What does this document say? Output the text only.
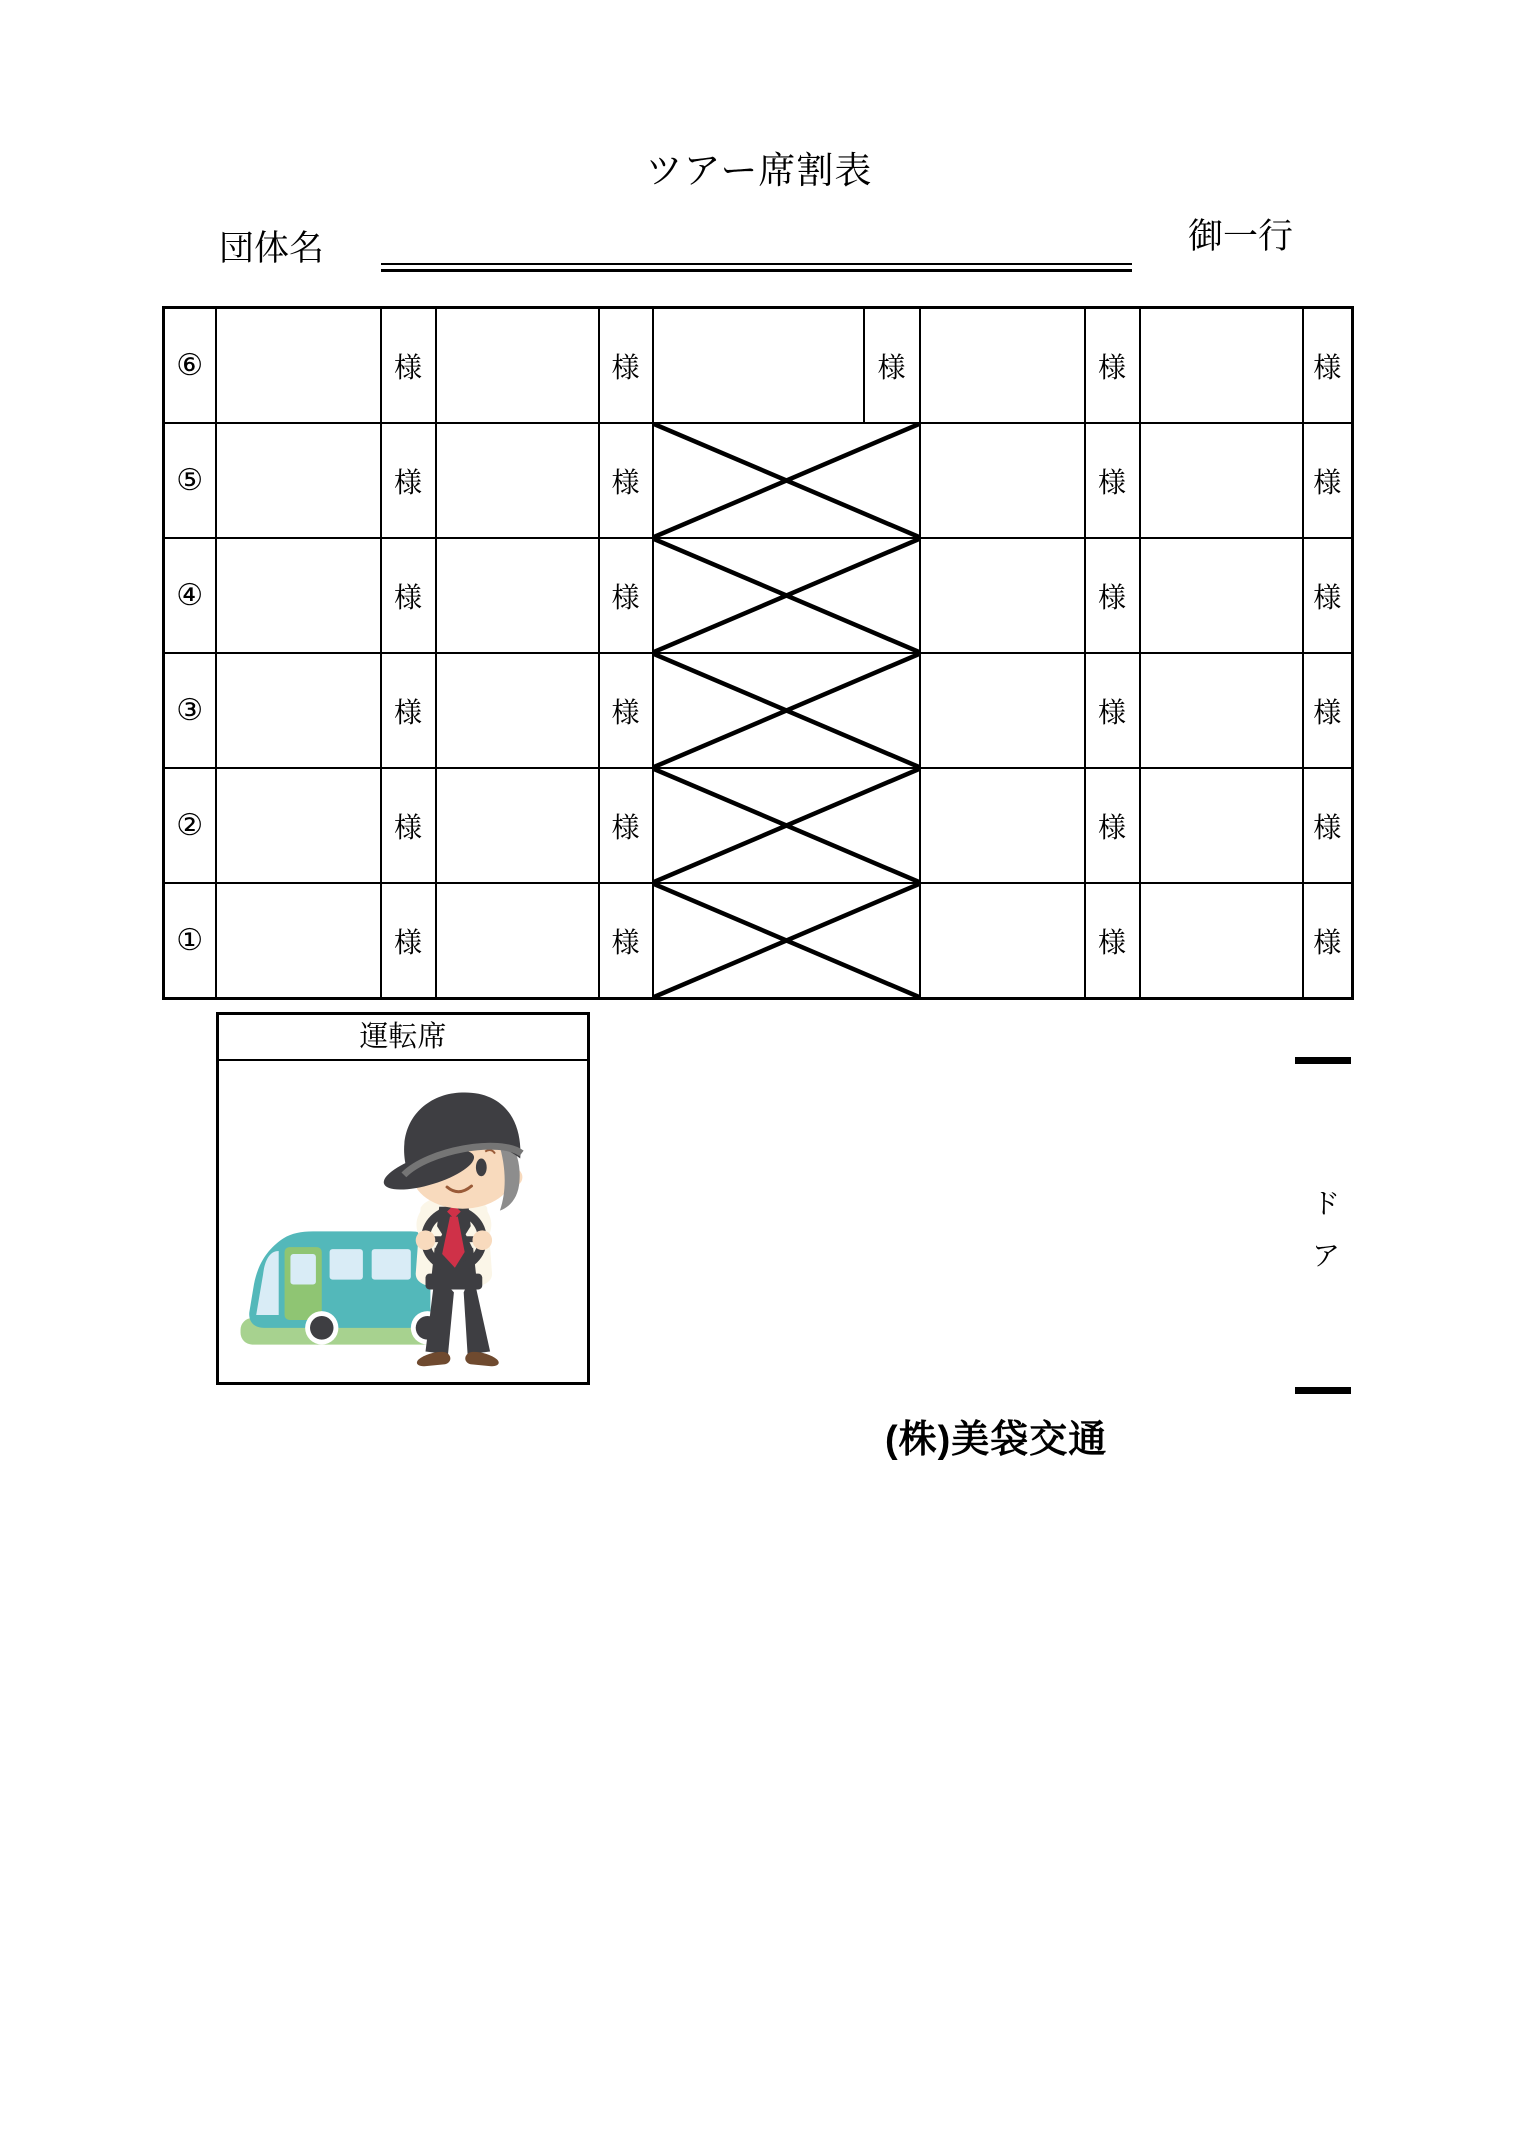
ツアー席割表
団体名	御一行
⑥		様		様		様		様		様
⑤		様		様				様		様
④		様		様				様		様
③		様		様				様		様
②		様		様				様		様
①		様		様				様		様
運転席
ド
ア
(株)美袋交通
